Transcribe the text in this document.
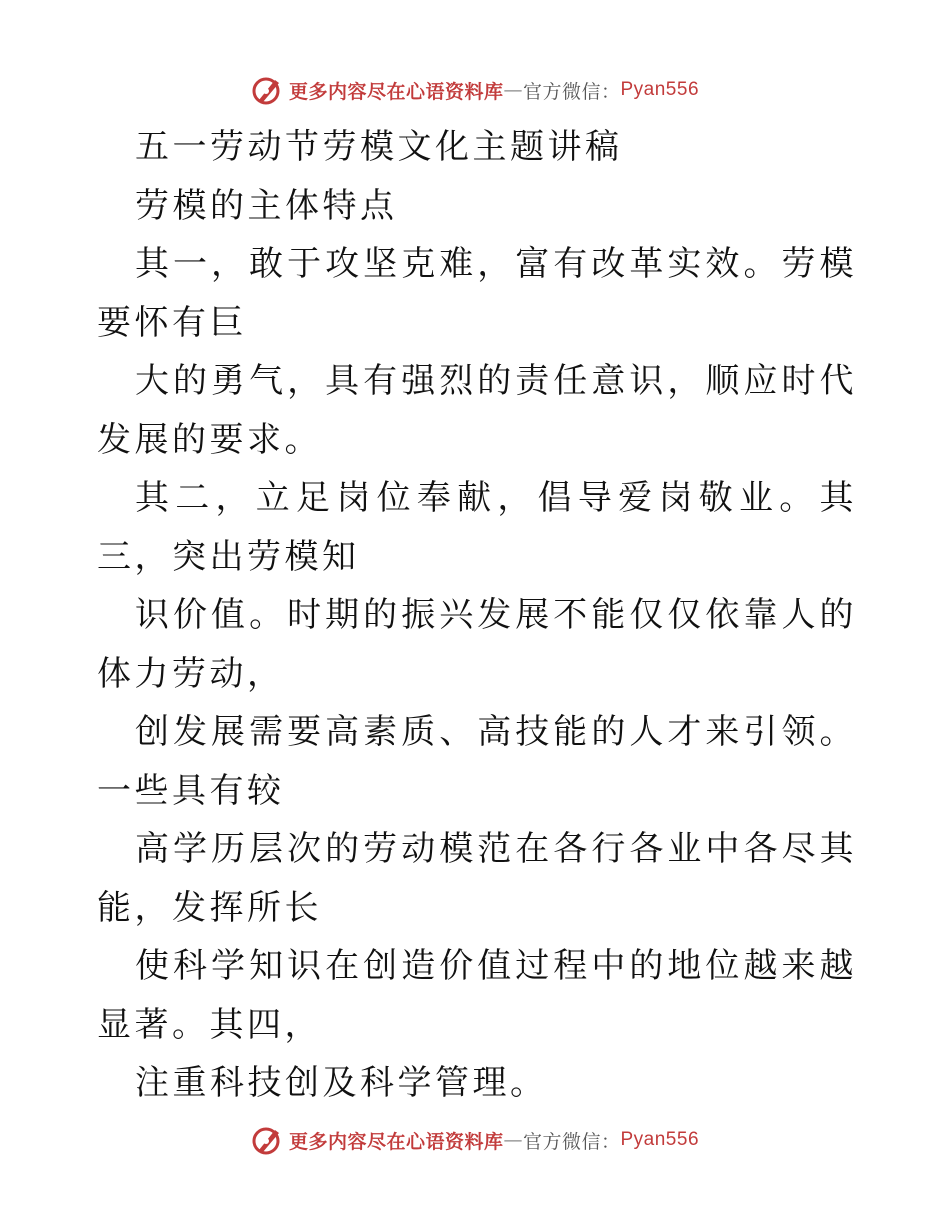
更多内容尽在心语资料库 — 官方微信： Pyan556

五一劳动节劳模文化主题讲稿

劳模的主体特点

其一，敢于攻坚克难，富有改革实效。劳模要怀有巨

大的勇气，具有强烈的责任意识，顺应时代发展的要求。

其二，立足岗位奉献，倡导爱岗敬业。其三，突出劳模知

识价值。时期的振兴发展不能仅仅依靠人的体力劳动，

创发展需要高素质、高技能的人才来引领。一些具有较

高学历层次的劳动模范在各行各业中各尽其能，发挥所长

使科学知识在创造价值过程中的地位越来越显著。其四，

注重科技创及科学管理。

更多内容尽在心语资料库 — 官方微信： Pyan556
